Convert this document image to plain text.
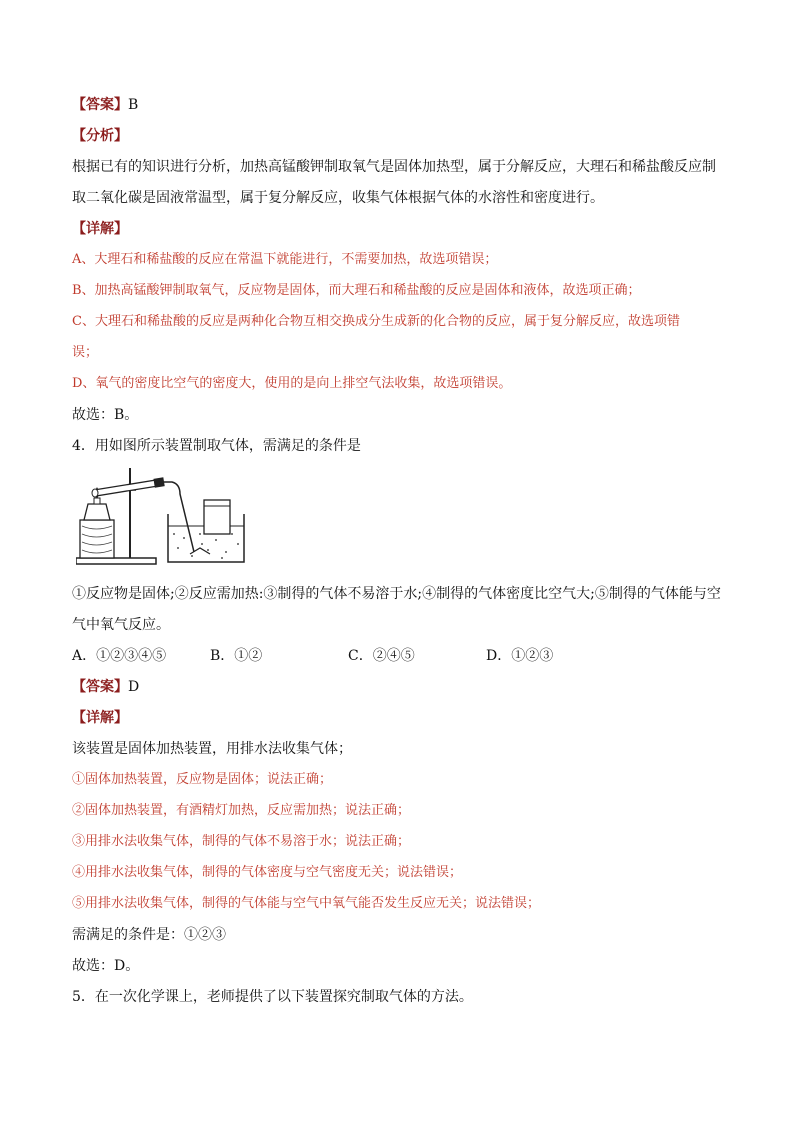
【答案】B
【分析】
根据已有的知识进行分析，加热高锰酸钾制取氧气是固体加热型，属于分解反应，大理石和稀盐酸反应制
取二氧化碳是固液常温型，属于复分解反应，收集气体根据气体的水溶性和密度进行。
【详解】
A、大理石和稀盐酸的反应在常温下就能进行，不需要加热，故选项错误；
B、加热高锰酸钾制取氧气，反应物是固体，而大理石和稀盐酸的反应是固体和液体，故选项正确；
C、大理石和稀盐酸的反应是两种化合物互相交换成分生成新的化合物的反应，属于复分解反应，故选项错
误；
D、氧气的密度比空气的密度大，使用的是向上排空气法收集，故选项错误。
故选：B。
4．用如图所示装置制取气体，需满足的条件是
①反应物是固体;②反应需加热:③制得的气体不易溶于水;④制得的气体密度比空气大;⑤制得的气体能与空
气中氧气反应。
A．①②③④⑤	B．①②	C．②④⑤	D．①②③
【答案】D
【详解】
该装置是固体加热装置，用排水法收集气体；
①固体加热装置，反应物是固体；说法正确；
②固体加热装置，有酒精灯加热，反应需加热；说法正确；
③用排水法收集气体，制得的气体不易溶于水；说法正确；
④用排水法收集气体，制得的气体密度与空气密度无关；说法错误；
⑤用排水法收集气体，制得的气体能与空气中氧气能否发生反应无关；说法错误；
需满足的条件是：①②③
故选：D。
5．在一次化学课上，老师提供了以下装置探究制取气体的方法。
